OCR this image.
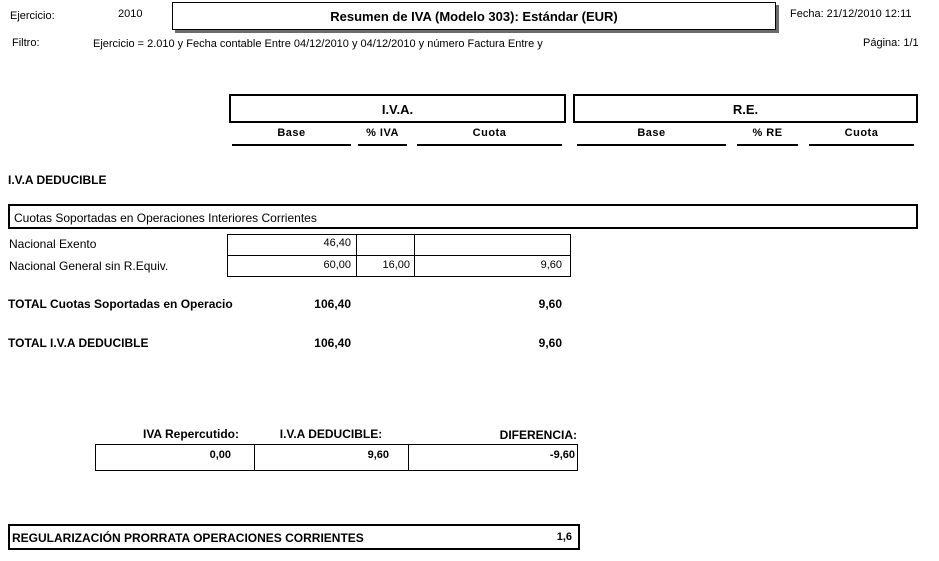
Ejercicio:	2010	Resumen de IVA (Modelo 303): Estándar (EUR)	Fecha: 21/12/2010 12:11
Filtro:	Ejercicio = 2.010 y Fecha contable Entre 04/12/2010 y 04/12/2010 y número Factura Entre y	Página: 1/1
I.V.A.	R.E.
Base	% IVA	Cuota	Base	% RE	Cuota
I.V.A DEDUCIBLE
Cuotas Soportadas en Operaciones Interiores Corrientes
Nacional Exento	46,40
Nacional General sin R.Equiv.	60,00	16,00	9,60
TOTAL Cuotas Soportadas en Operacio	106,40	9,60
TOTAL I.V.A DEDUCIBLE	106,40	9,60
IVA Repercutido:	I.V.A DEDUCIBLE:	DIFERENCIA:
0,00	9,60	-9,60
REGULARIZACIÓN PRORRATA OPERACIONES CORRIENTES	1,6
